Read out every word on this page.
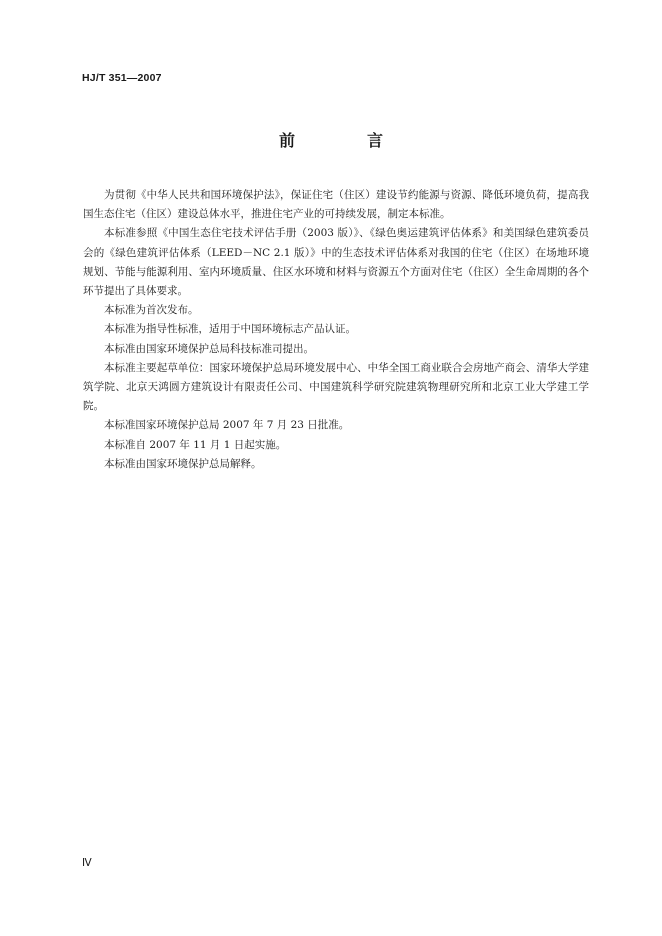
HJ/T 351—2007
前　言

为贯彻《中华人民共和国环境保护法》，保证住宅（住区）建设节约能源与资源、降低环境负荷，提高我国生态住宅（住区）建设总体水平，推进住宅产业的可持续发展，制定本标准。

本标准参照《中国生态住宅技术评估手册（2003 版）》、《绿色奥运建筑评估体系》和美国绿色建筑委员会的《绿色建筑评估体系（LEED－NC 2.1 版）》中的生态技术评估体系对我国的住宅（住区）在场地环境规划、节能与能源利用、室内环境质量、住区水环境和材料与资源五个方面对住宅（住区）全生命周期的各个环节提出了具体要求。

本标准为首次发布。

本标准为指导性标准，适用于中国环境标志产品认证。

本标准由国家环境保护总局科技标准司提出。

本标准主要起草单位：国家环境保护总局环境发展中心、中华全国工商业联合会房地产商会、清华大学建筑学院、北京天鸿圆方建筑设计有限责任公司、中国建筑科学研究院建筑物理研究所和北京工业大学建工学院。

本标准国家环境保护总局 2007 年 7 月 23 日批准。

本标准自 2007 年 11 月 1 日起实施。

本标准由国家环境保护总局解释。

Ⅳ
